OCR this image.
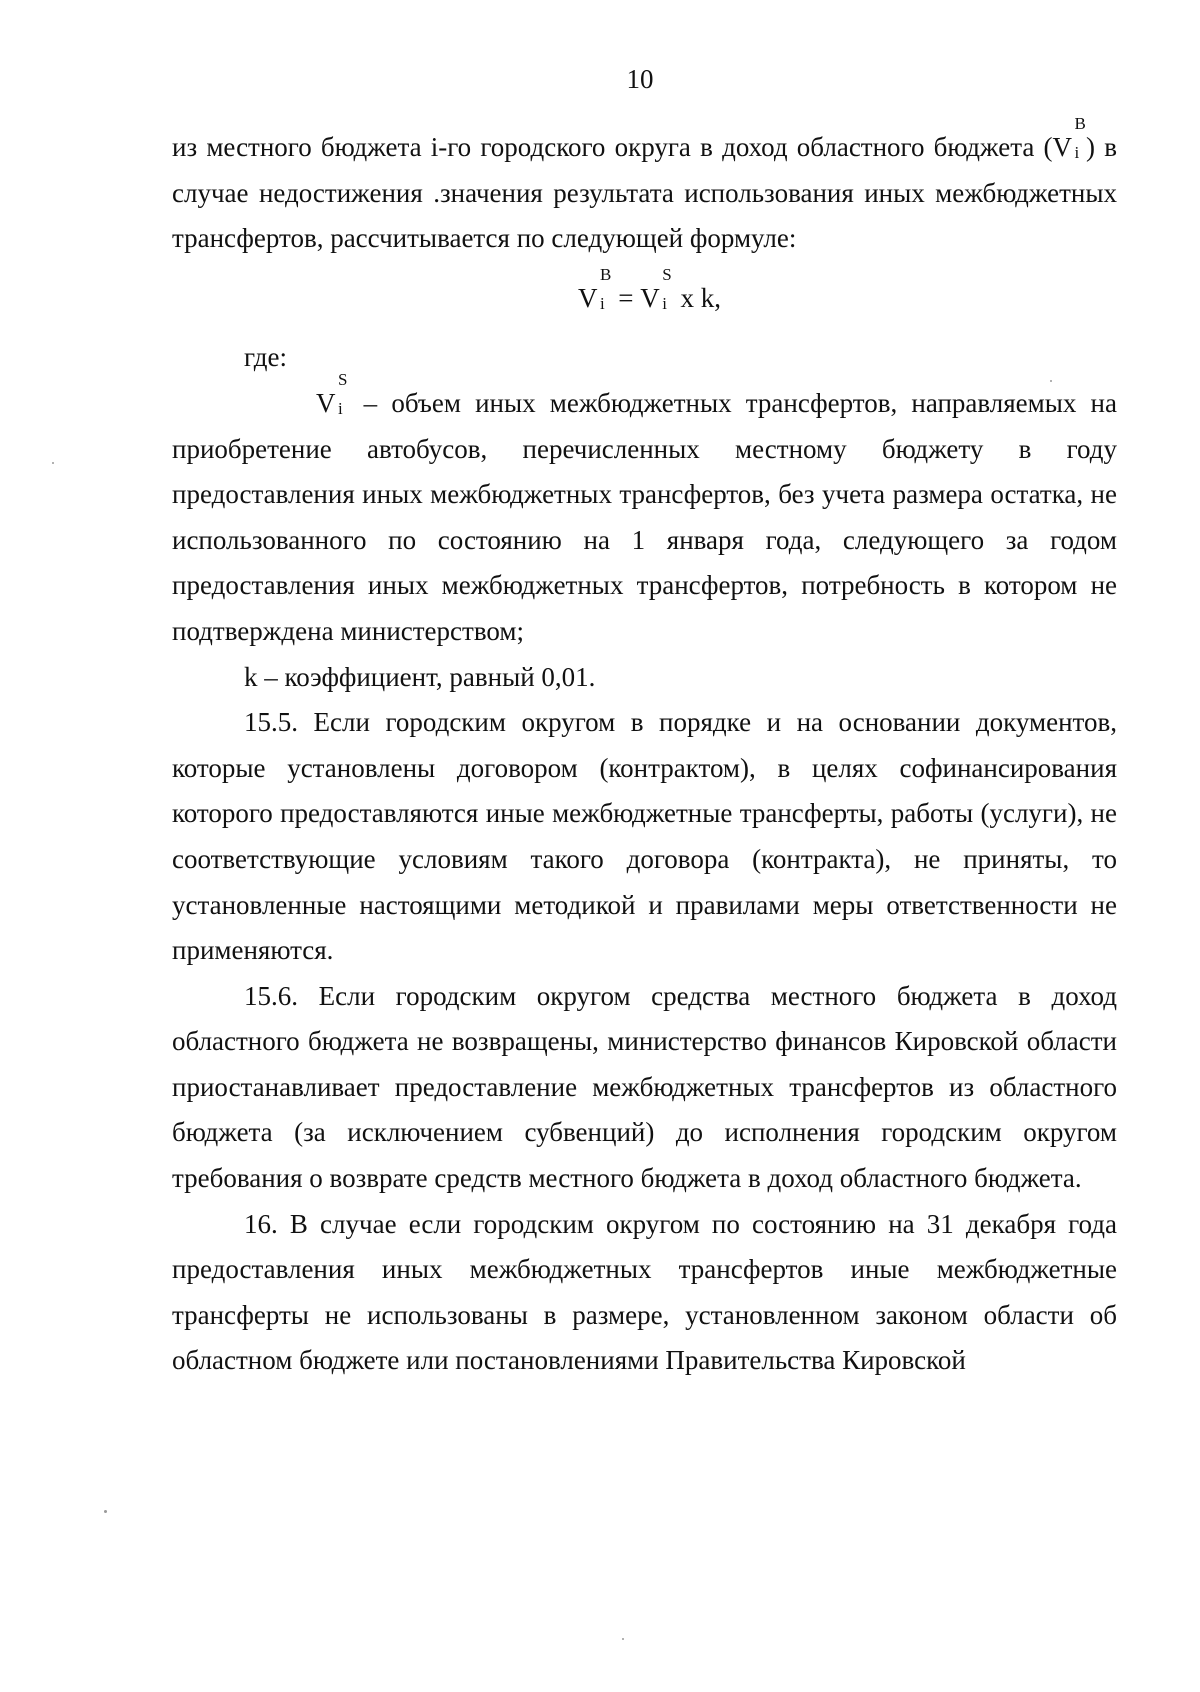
10

из местного бюджета i-го городского округа в доход областного бюджета (V
B
i ) в случае недостижения .значения результата использования иных межбюджетных трансфертов, рассчитывается по следующей формуле:

V
B
i = V
S
i x k,

где:

V
S
i – объем иных межбюджетных трансфертов, направляемых на приобретение автобусов, перечисленных местному бюджету в году предоставления иных межбюджетных трансфертов, без учета размера остатка, не использованного по состоянию на 1 января года, следующего за годом предоставления иных межбюджетных трансфертов, потребность в котором не подтверждена министерством;

k – коэффициент, равный 0,01.

15.5. Если городским округом в порядке и на основании документов, которые установлены договором (контрактом), в целях софинансирования которого предоставляются иные межбюджетные трансферты, работы (услуги), не соответствующие условиям такого договора (контракта), не приняты, то установленные настоящими методикой и правилами меры ответственности не применяются.

15.6. Если городским округом средства местного бюджета в доход областного бюджета не возвращены, министерство финансов Кировской области приостанавливает предоставление межбюджетных трансфертов из областного бюджета (за исключением субвенций) до исполнения городским округом требования о возврате средств местного бюджета в доход областного бюджета.

16. В случае если городским округом по состоянию на 31 декабря года предоставления иных межбюджетных трансфертов иные межбюджетные трансферты не использованы в размере, установленном законом области об областном бюджете или постановлениями Правительства Кировской
